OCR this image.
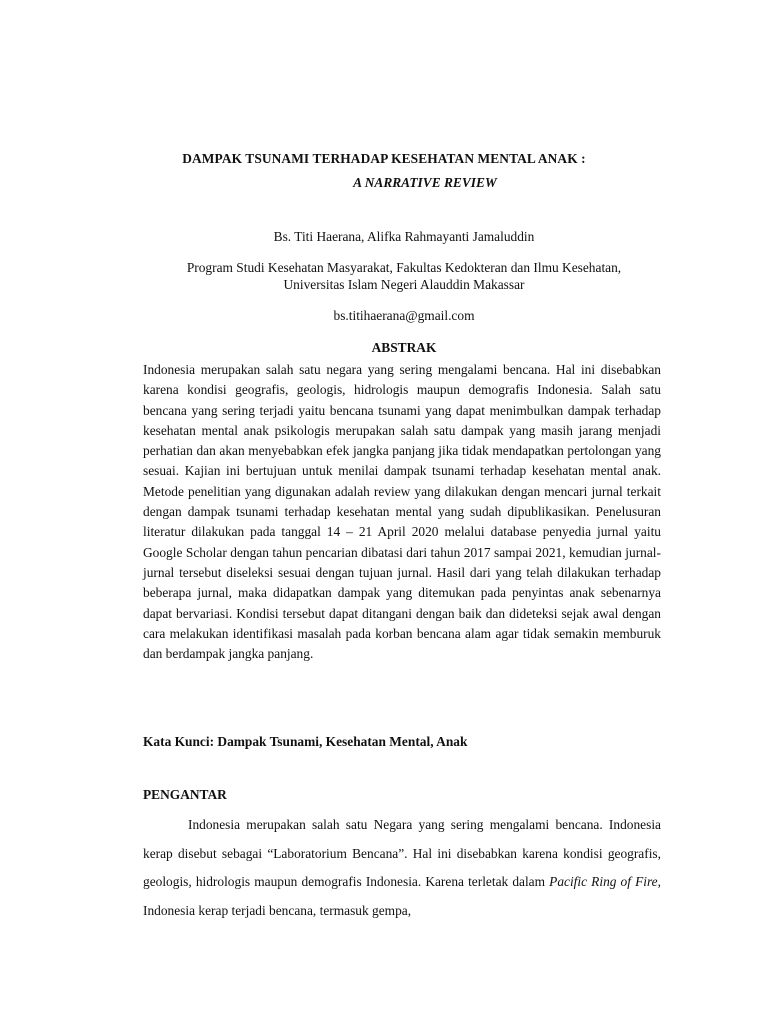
DAMPAK TSUNAMI TERHADAP KESEHATAN MENTAL ANAK :
A NARRATIVE REVIEW
Bs. Titi Haerana, Alifka Rahmayanti Jamaluddin
Program Studi Kesehatan Masyarakat, Fakultas Kedokteran dan Ilmu Kesehatan,
Universitas Islam Negeri Alauddin Makassar
bs.titihaerana@gmail.com
ABSTRAK
Indonesia merupakan salah satu negara yang sering mengalami bencana. Hal ini disebabkan karena kondisi geografis, geologis, hidrologis maupun demografis Indonesia. Salah satu bencana yang sering terjadi yaitu bencana tsunami yang dapat menimbulkan dampak terhadap kesehatan mental anak psikologis merupakan salah satu dampak yang masih jarang menjadi perhatian dan akan menyebabkan efek jangka panjang jika tidak mendapatkan pertolongan yang sesuai. Kajian ini bertujuan untuk menilai dampak tsunami terhadap kesehatan mental anak. Metode penelitian yang digunakan adalah review yang dilakukan dengan mencari jurnal terkait dengan dampak tsunami terhadap kesehatan mental yang sudah dipublikasikan. Penelusuran literatur dilakukan pada tanggal 14 – 21 April 2020 melalui database penyedia jurnal yaitu Google Scholar dengan tahun pencarian dibatasi dari tahun 2017 sampai 2021, kemudian jurnal-jurnal tersebut diseleksi sesuai dengan tujuan jurnal. Hasil dari yang telah dilakukan terhadap beberapa jurnal, maka didapatkan dampak yang ditemukan pada penyintas anak sebenarnya dapat bervariasi. Kondisi tersebut dapat ditangani dengan baik dan dideteksi sejak awal dengan cara melakukan identifikasi masalah pada korban bencana alam agar tidak semakin memburuk dan berdampak jangka panjang.
Kata Kunci: Dampak Tsunami, Kesehatan Mental, Anak
PENGANTAR
Indonesia merupakan salah satu Negara yang sering mengalami bencana. Indonesia kerap disebut sebagai “Laboratorium Bencana”. Hal ini disebabkan karena kondisi geografis, geologis, hidrologis maupun demografis Indonesia. Karena terletak dalam Pacific Ring of Fire, Indonesia kerap terjadi bencana, termasuk gempa,
